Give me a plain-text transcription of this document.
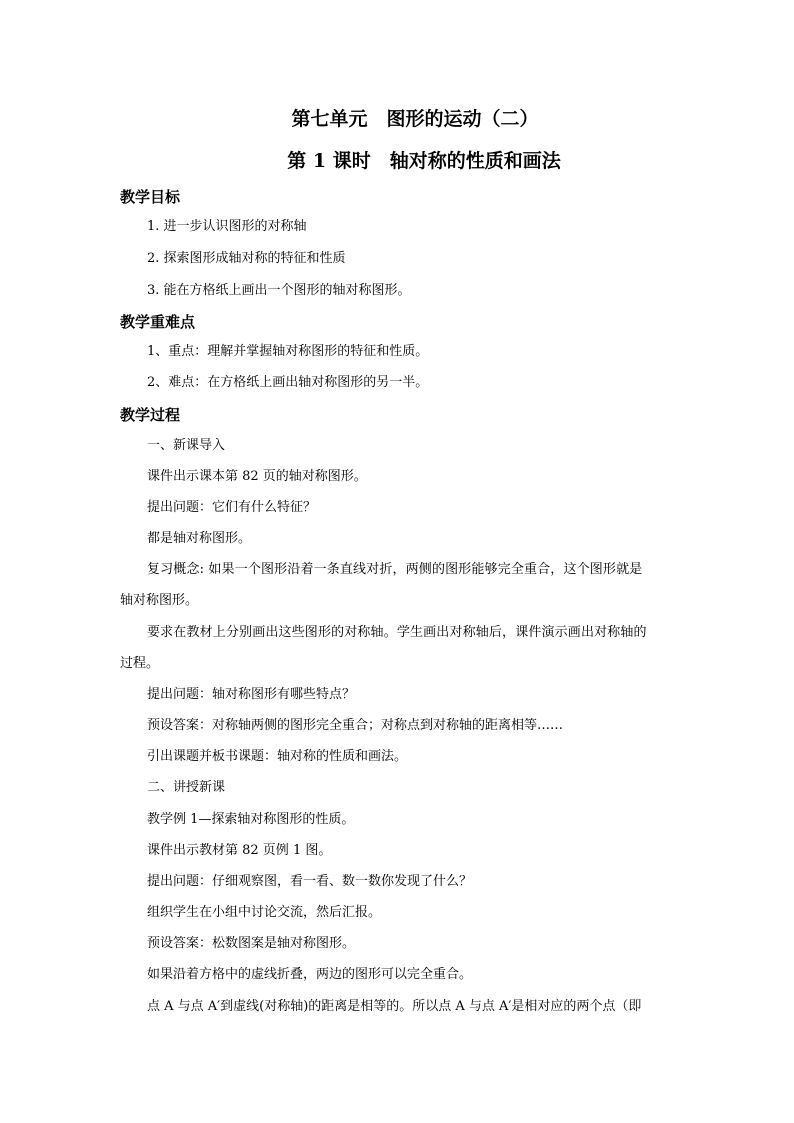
第七单元　图形的运动（二）
第 1 课时　轴对称的性质和画法
教学目标
1. 进一步认识图形的对称轴
2. 探索图形成轴对称的特征和性质
3. 能在方格纸上画出一个图形的轴对称图形。
教学重难点
1、重点：理解并掌握轴对称图形的特征和性质。
2、难点：在方格纸上画出轴对称图形的另一半。
教学过程
一、新课导入
课件出示课本第 82 页的轴对称图形。
提出问题：它们有什么特征？
都是轴对称图形。
复习概念: 如果一个图形沿着一条直线对折，两侧的图形能够完全重合，这个图形就是
轴对称图形。
要求在教材上分别画出这些图形的对称轴。学生画出对称轴后，课件演示画出对称轴的
过程。
提出问题：轴对称图形有哪些特点？
预设答案：对称轴两侧的图形完全重合；对称点到对称轴的距离相等……
引出课题并板书课题：轴对称的性质和画法。
二、讲授新课
教学例 1—探索轴对称图形的性质。
课件出示教材第 82 页例 1 图。
提出问题：仔细观察图，看一看、数一数你发现了什么？
组织学生在小组中讨论交流，然后汇报。
预设答案：松数图案是轴对称图形。
如果沿着方格中的虚线折叠，两边的图形可以完全重合。
点 A 与点 A′到虚线(对称轴)的距离是相等的。所以点 A 与点 A′是相对应的两个点（即
